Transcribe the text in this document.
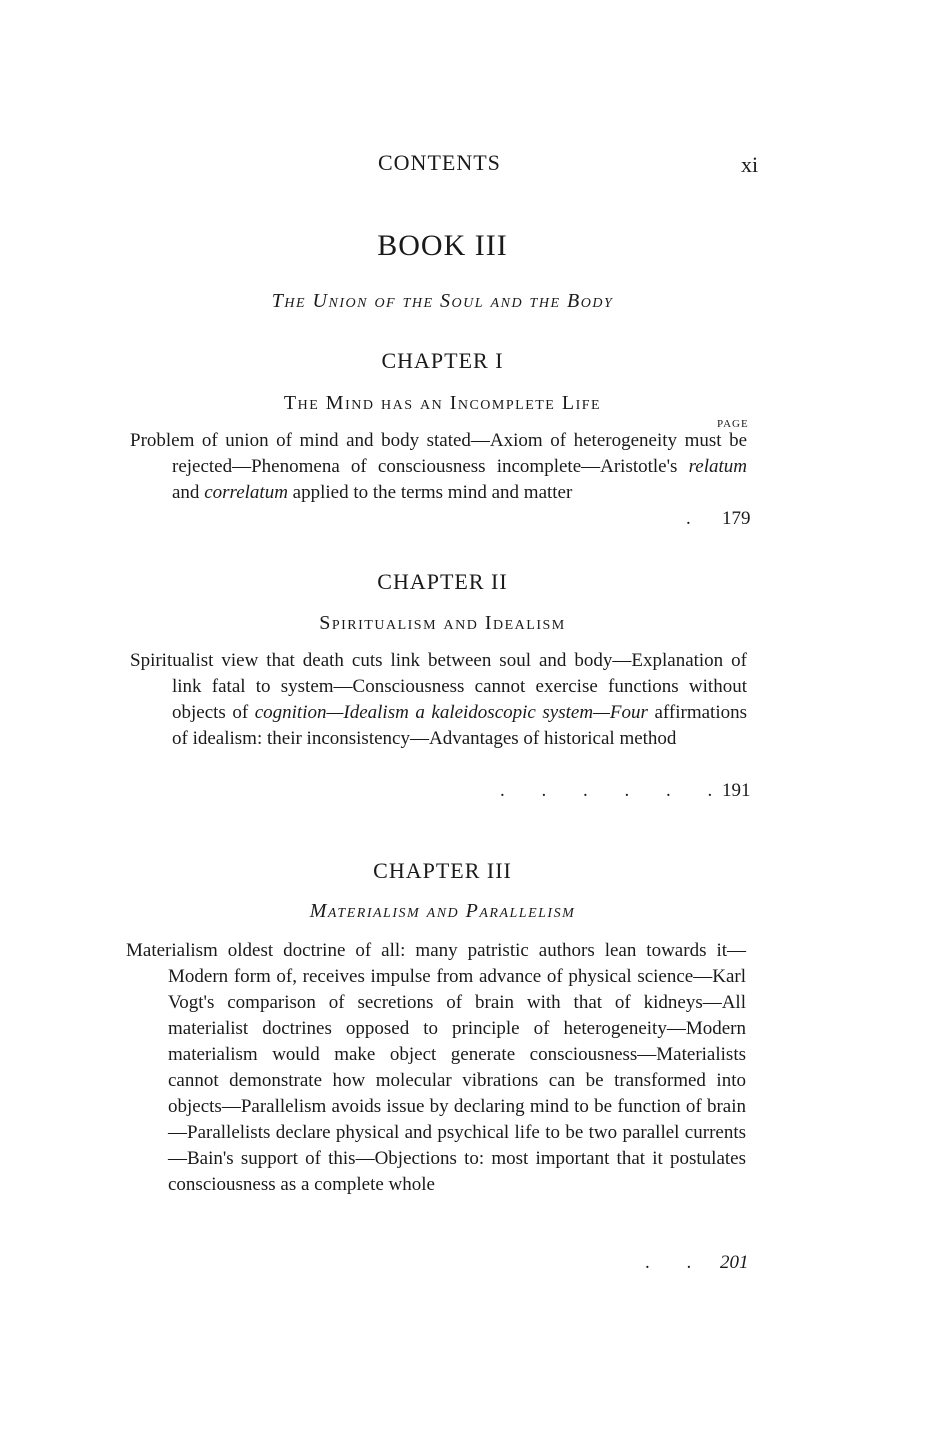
CONTENTS	xi
BOOK III
The Union of the Soul and the Body
CHAPTER I
The Mind has an Incomplete Life
PAGE

Problem of union of mind and body stated—Axiom of heterogeneity must be rejected—Phenomena of consciousness incomplete—Aristotle's relatum and correlatum applied to the terms mind and matter

. 179
CHAPTER II
Spiritualism and Idealism

Spiritualist view that death cuts link between soul and body—Explanation of link fatal to system—Consciousness cannot exercise functions without objects of cognition—Idealism a kaleidoscopic system—Four affirmations of idealism: their inconsistency—Advantages of historical method

. . . . . . 191
CHAPTER III
Materialism and Parallelism

Materialism oldest doctrine of all: many patristic authors lean towards it—Modern form of, receives impulse from advance of physical science—Karl Vogt's comparison of secretions of brain with that of kidneys—All materialist doctrines opposed to principle of heterogeneity—Modern materialism would make object generate consciousness—Materialists cannot demonstrate how molecular vibrations can be transformed into objects—Parallelism avoids issue by declaring mind to be function of brain—Parallelists declare physical and psychical life to be two parallel currents—Bain's support of this—Objections to: most important that it postulates consciousness as a complete whole

. . 201
